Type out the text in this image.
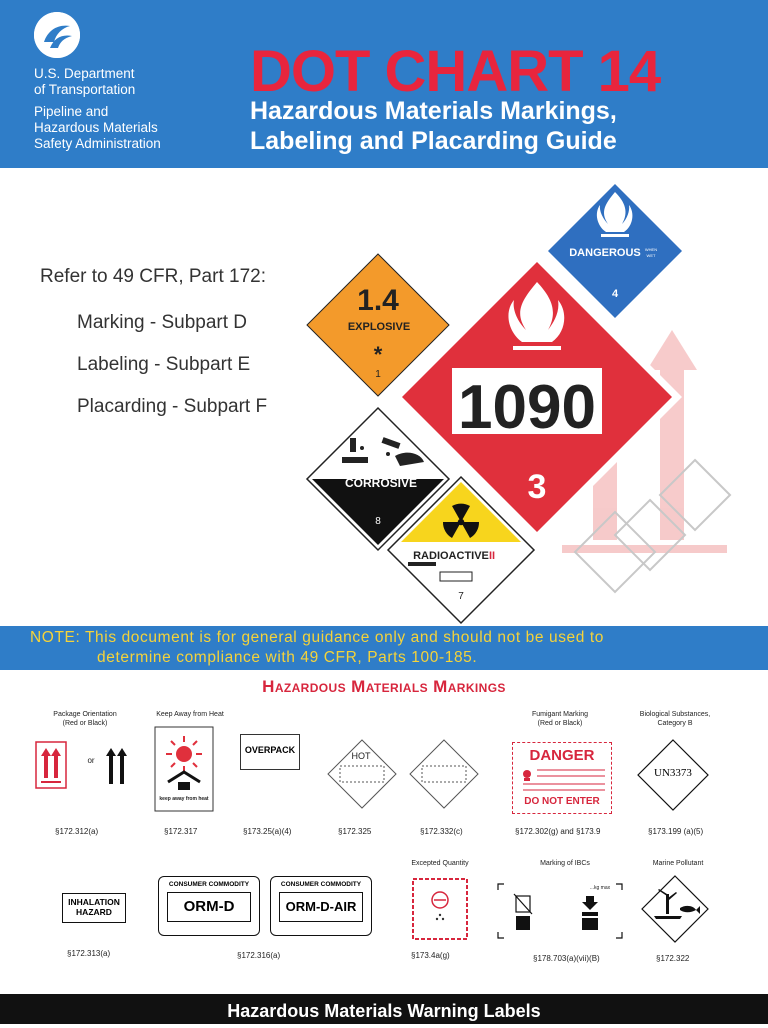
U.S. Department
of Transportation
Pipeline and
Hazardous Materials
Safety Administration
DOT CHART 14
Hazardous Materials Markings,
Labeling and Placarding Guide
Refer to 49 CFR, Part 172:
Marking - Subpart D
Labeling - Subpart E
Placarding - Subpart F	1090
3
DANGEROUS WHEN
WET
4
1.4
EXPLOSIVE
*
1
CORROSIVE
8
RADIOACTIVE II
7
NOTE: This document is for general guidance only and should not be used to
determine compliance with 49 CFR, Parts 100-185.
Hazardous Materials Markings
Package Orientation
(Red or Black)
Keep Away from Heat	Fumigant Marking
(Red or Black)
Biological Substances,
Category B
or
keep away from heat
OVERPACK
HOT	DANGER
DO NOT ENTER
UN3373
§172.312(a)	§172.317	§173.25(a)(4)	§172.325	§172.332(c)	§172.302(g) and §173.9	§173.199 (a)(5)
Excepted Quantity	Marking of IBCs	Marine Pollutant
INHALATION
HAZARD
CONSUMER COMMODITY
ORM-D
CONSUMER COMMODITY
ORM-D-AIR
...kg max
§172.313(a)	§172.316(a)	§173.4a(g)	§178.703(a)(vii)(B)	§172.322
Hazardous Materials Warning Labels
